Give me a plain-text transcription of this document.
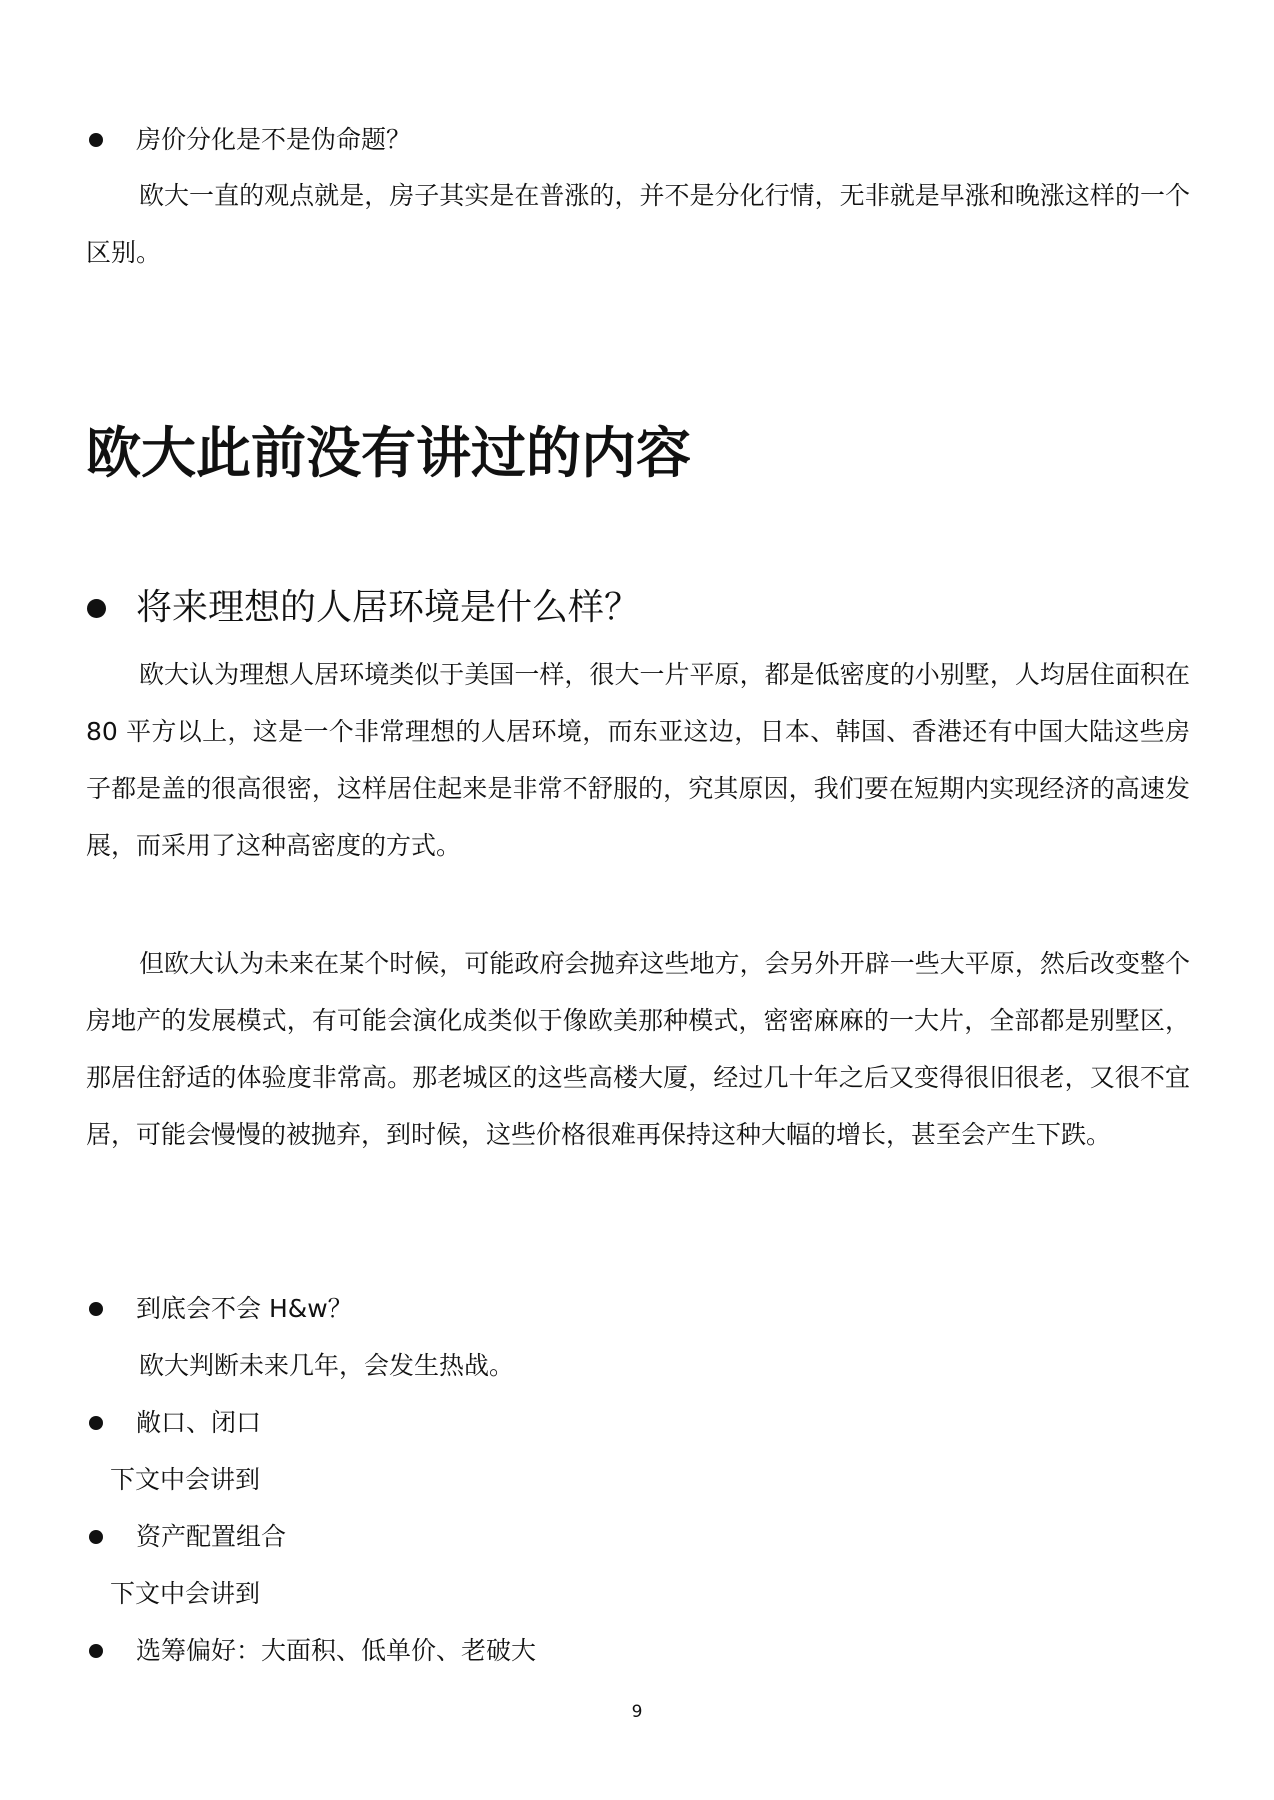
房价分化是不是伪命题？

欧大一直的观点就是，房子其实是在普涨的，并不是分化行情，无非就是早涨和晚涨这样的一个区别。

欧大此前没有讲过的内容
将来理想的人居环境是什么样？

欧大认为理想人居环境类似于美国一样，很大一片平原，都是低密度的小别墅，人均居住面积在 80 平方以上，这是一个非常理想的人居环境，而东亚这边，日本、韩国、香港还有中国大陆这些房子都是盖的很高很密，这样居住起来是非常不舒服的，究其原因，我们要在短期内实现经济的高速发展，而采用了这种高密度的方式。

但欧大认为未来在某个时候，可能政府会抛弃这些地方，会另外开辟一些大平原，然后改变整个房地产的发展模式，有可能会演化成类似于像欧美那种模式，密密麻麻的一大片，全部都是别墅区，那居住舒适的体验度非常高。那老城区的这些高楼大厦，经过几十年之后又变得很旧很老，又很不宜居，可能会慢慢的被抛弃，到时候，这些价格很难再保持这种大幅的增长，甚至会产生下跌。

到底会不会 H&w？
欧大判断未来几年，会发生热战。
敞口、闭口
下文中会讲到
资产配置组合
下文中会讲到
选筹偏好：大面积、低单价、老破大
9
